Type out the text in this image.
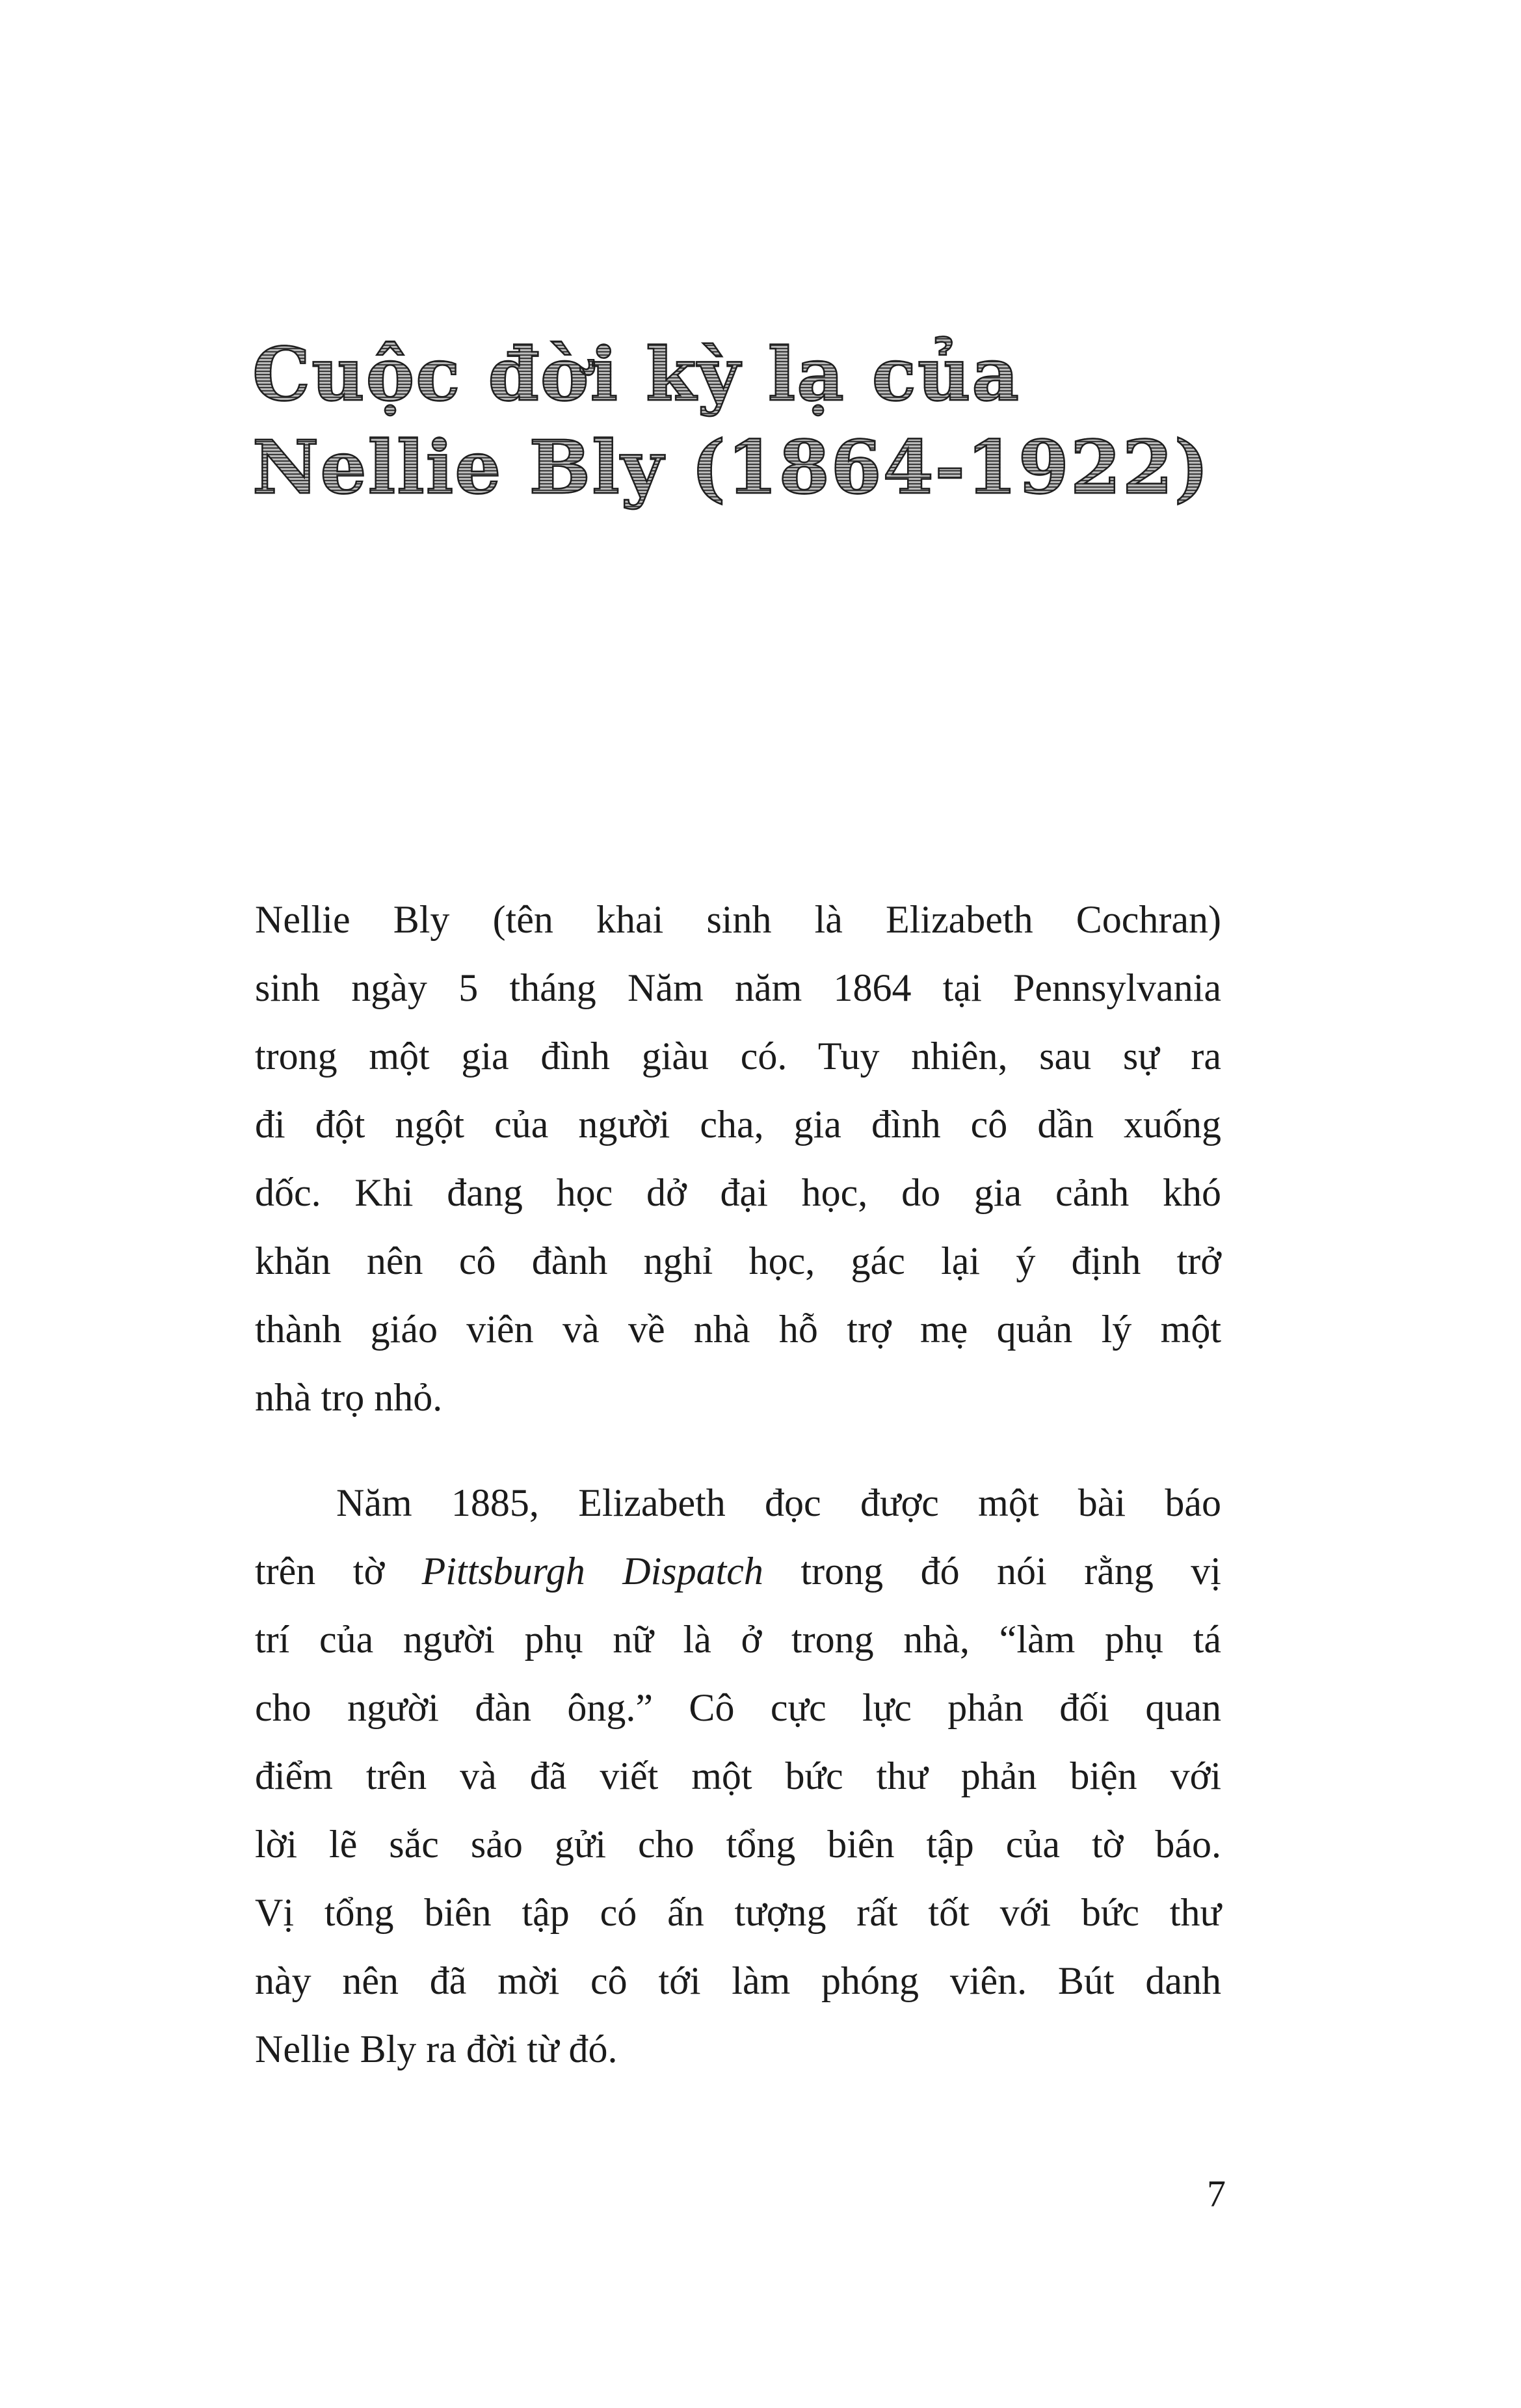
Cuộc đời kỳ lạ của
Nellie Bly (1864-1922)

Nellie Bly (tên khai sinh là Elizabeth Cochran)
sinh ngày 5 tháng Năm năm 1864 tại Pennsylvania
trong một gia đình giàu có. Tuy nhiên, sau sự ra
đi đột ngột của người cha, gia đình cô dần xuống
dốc. Khi đang học dở đại học, do gia cảnh khó
khăn nên cô đành nghỉ học, gác lại ý định trở
thành giáo viên và về nhà hỗ trợ mẹ quản lý một
nhà trọ nhỏ.

Năm 1885, Elizabeth đọc được một bài báo
trên tờ Pittsburgh Dispatch trong đó nói rằng vị
trí của người phụ nữ là ở trong nhà, “làm phụ tá
cho người đàn ông.” Cô cực lực phản đối quan
điểm trên và đã viết một bức thư phản biện với
lời lẽ sắc sảo gửi cho tổng biên tập của tờ báo.
Vị tổng biên tập có ấn tượng rất tốt với bức thư
này nên đã mời cô tới làm phóng viên. Bút danh
Nellie Bly ra đời từ đó.

7
